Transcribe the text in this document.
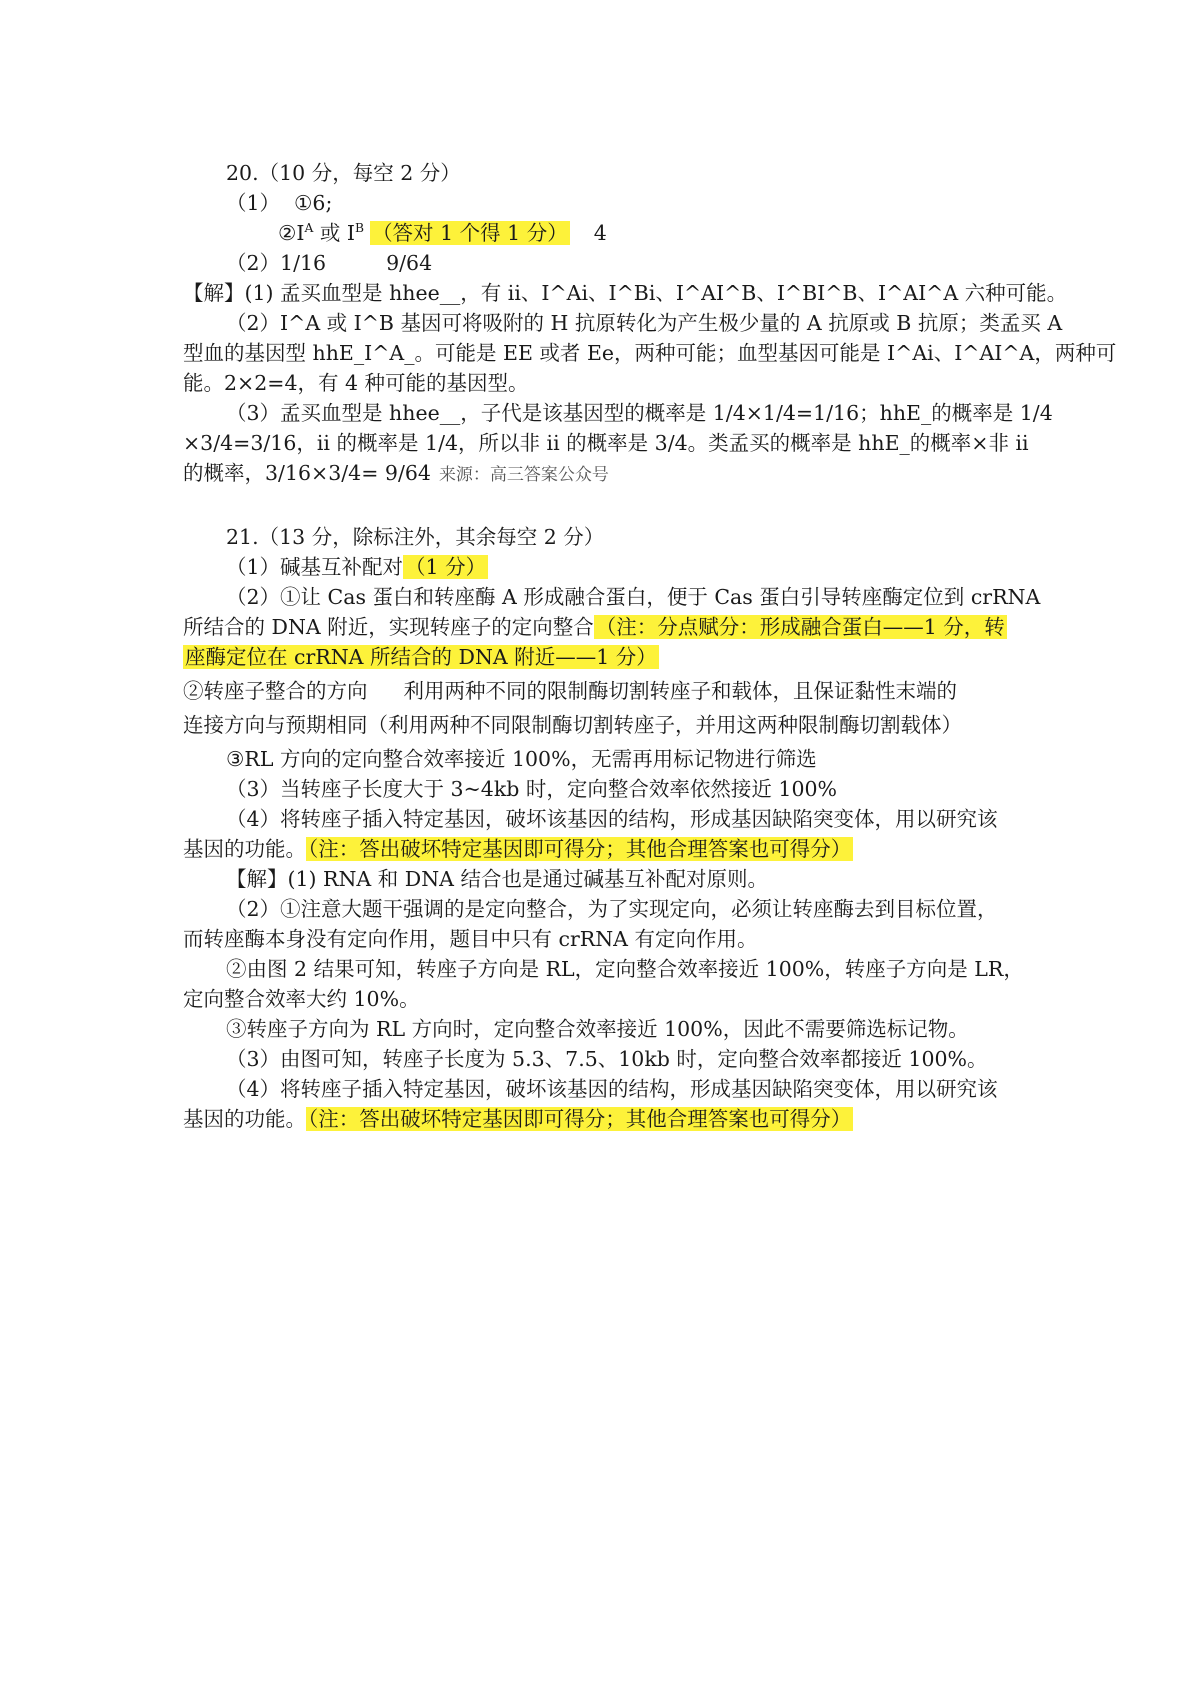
20.（10 分，每空 2 分）
（1） ①6;
$②I^A$ 或 $I^B$ （答对 1 个得 1 分） 4
（2）1/16	9/64
【解】(1) 孟买血型是 hhee__，有 ii、I^Ai、I^Bi、I^AI^B、I^BI^B、I^AI^A 六种可能。
（2）I^A 或 I^B 基因可将吸附的 H 抗原转化为产生极少量的 A 抗原或 B 抗原；类孟买 A
型血的基因型 hhE_I^A_。可能是 EE 或者 Ee，两种可能；血型基因可能是 I^Ai、I^AI^A，两种可
能。2×2=4，有 4 种可能的基因型。
（3）孟买血型是 hhee__，子代是该基因型的概率是 1/4×1/4=1/16；hhE_的概率是 1/4
×3/4=3/16，ii 的概率是 1/4，所以非 ii 的概率是 3/4。类孟买的概率是 hhE_的概率×非 ii
的概率，3/16×3/4= 9/64 来源：高三答案公众号
21.（13 分，除标注外，其余每空 2 分）
（1）碱基互补配对（1 分）
（2）①让 Cas 蛋白和转座酶 A 形成融合蛋白，便于 Cas 蛋白引导转座酶定位到 crRNA
所结合的 DNA 附近，实现转座子的定向整合（注：分点赋分：形成融合蛋白——1 分，转
座酶定位在 crRNA 所结合的 DNA 附近——1 分）
②转座子整合的方向 利用两种不同的限制酶切割转座子和载体，且保证黏性末端的
连接方向与预期相同（利用两种不同限制酶切割转座子，并用这两种限制酶切割载体）
③RL 方向的定向整合效率接近 100%，无需再用标记物进行筛选
（3）当转座子长度大于 3~4kb 时，定向整合效率依然接近 100%
（4）将转座子插入特定基因，破坏该基因的结构，形成基因缺陷突变体，用以研究该
基因的功能。（注：答出破坏特定基因即可得分；其他合理答案也可得分）
【解】(1) RNA 和 DNA 结合也是通过碱基互补配对原则。
（2）①注意大题干强调的是定向整合，为了实现定向，必须让转座酶去到目标位置，
而转座酶本身没有定向作用，题目中只有 crRNA 有定向作用。
②由图 2 结果可知，转座子方向是 RL，定向整合效率接近 100%，转座子方向是 LR，
定向整合效率大约 10%。
③转座子方向为 RL 方向时，定向整合效率接近 100%，因此不需要筛选标记物。
（3）由图可知，转座子长度为 5.3、7.5、10kb 时，定向整合效率都接近 100%。
（4）将转座子插入特定基因，破坏该基因的结构，形成基因缺陷突变体，用以研究该
基因的功能。（注：答出破坏特定基因即可得分；其他合理答案也可得分）
